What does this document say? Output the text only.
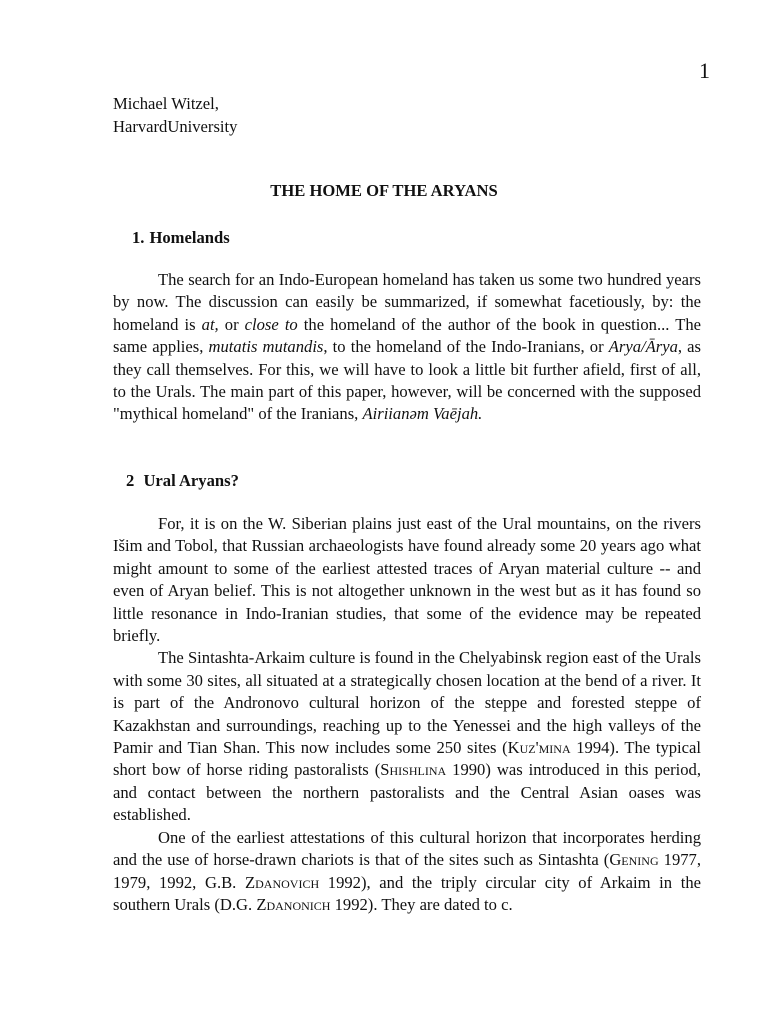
1
Michael Witzel,
HarvardUniversity
THE HOME OF THE ARYANS
1. Homelands

The search for an Indo-European homeland has taken us some two hundred years by now. The discussion can easily be summarized, if somewhat facetiously, by: the homeland is at, or close to the homeland of the author of the book in question... The same applies, mutatis mutandis, to the homeland of the Indo-Iranians, or Arya/Ārya, as they call themselves. For this, we will have to look a little bit further afield, first of all, to the Urals. The main part of this paper, however, will be concerned with the supposed "mythical homeland" of the Iranians, Airiianəm Vaējah.

2 Ural Aryans?

For, it is on the W. Siberian plains just east of the Ural mountains, on the rivers Išim and Tobol, that Russian archaeologists have found already some 20 years ago what might amount to some of the earliest attested traces of Aryan material culture -- and even of Aryan belief. This is not altogether unknown in the west but as it has found so little resonance in Indo-Iranian studies, that some of the evidence may be repeated briefly.

The Sintashta-Arkaim culture is found in the Chelyabinsk region east of the Urals with some 30 sites, all situated at a strategically chosen location at the bend of a river. It is part of the Andronovo cultural horizon of the steppe and forested steppe of Kazakhstan and surroundings, reaching up to the Yenessei and the high valleys of the Pamir and Tian Shan. This now includes some 250 sites (Kuz'mina 1994). The typical short bow of horse riding pastoralists (Shishlina 1990) was introduced in this period, and contact between the northern pastoralists and the Central Asian oases was established.

One of the earliest attestations of this cultural horizon that incorporates herding and the use of horse-drawn chariots is that of the sites such as Sintashta (Gening 1977, 1979, 1992, G.B. Zdanovich 1992), and the triply circular city of Arkaim in the southern Urals (D.G. Zdanonich 1992). They are dated to c.
